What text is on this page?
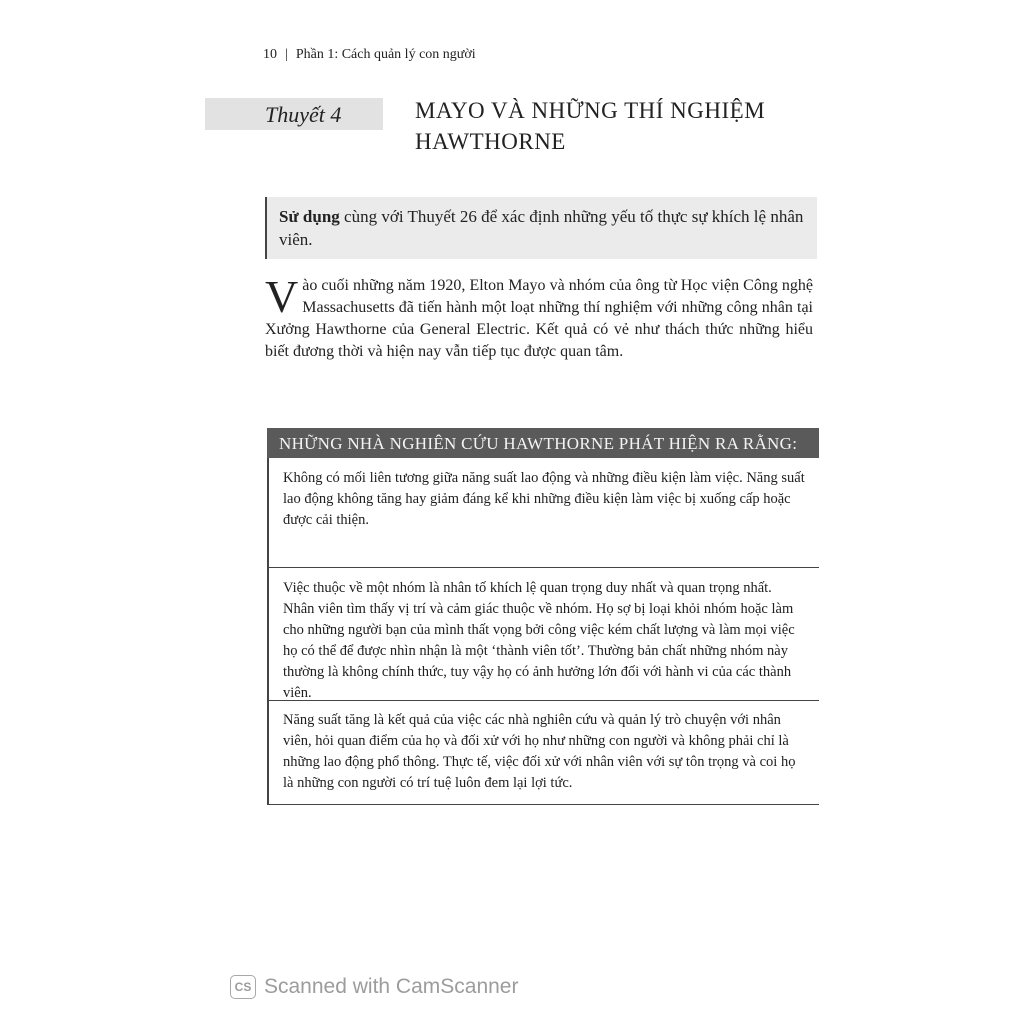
10 | Phần 1: Cách quản lý con người
Thuyết 4	MAYO VÀ NHỮNG THÍ NGHIỆM
HAWTHORNE
Sử dụng cùng với Thuyết 26 để xác định những yếu tố thực sự khích lệ nhân viên.
Vào cuối những năm 1920, Elton Mayo và nhóm của ông từ Học viện Công nghệ Massachusetts đã tiến hành một loạt những thí nghiệm với những công nhân tại Xưởng Hawthorne của General Electric. Kết quả có vẻ như thách thức những hiểu biết đương thời và hiện nay vẫn tiếp tục được quan tâm.
NHỮNG NHÀ NGHIÊN CỨU HAWTHORNE PHÁT HIỆN RA RẰNG:
Không có mối liên tương giữa năng suất lao động và những điều kiện làm việc. Năng suất lao động không tăng hay giảm đáng kể khi những điều kiện làm việc bị xuống cấp hoặc được cải thiện.
Việc thuộc về một nhóm là nhân tố khích lệ quan trọng duy nhất và quan trọng nhất. Nhân viên tìm thấy vị trí và cảm giác thuộc về nhóm. Họ sợ bị loại khỏi nhóm hoặc làm cho những người bạn của mình thất vọng bởi công việc kém chất lượng và làm mọi việc họ có thể để được nhìn nhận là một ‘thành viên tốt’. Thường bản chất những nhóm này thường là không chính thức, tuy vậy họ có ảnh hưởng lớn đối với hành vi của các thành viên.
Năng suất tăng là kết quả của việc các nhà nghiên cứu và quản lý trò chuyện với nhân viên, hỏi quan điểm của họ và đối xử với họ như những con người và không phải chỉ là những lao động phổ thông. Thực tế, việc đối xử với nhân viên với sự tôn trọng và coi họ là những con người có trí tuệ luôn đem lại lợi tức.
CS Scanned with CamScanner
